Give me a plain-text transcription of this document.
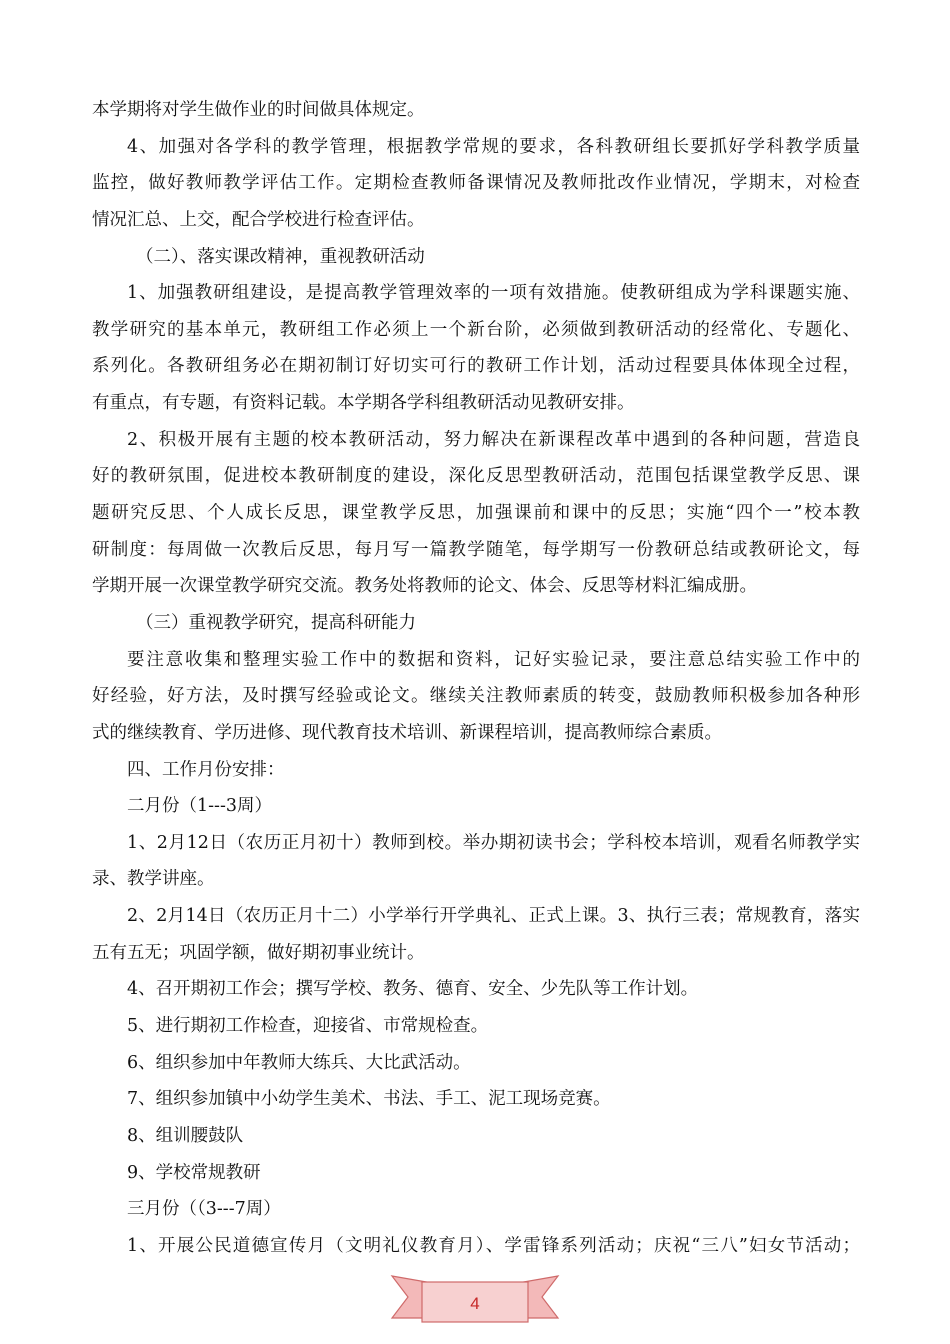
本学期将对学生做作业的时间做具体规定。
4、加强对各学科的教学管理，根据教学常规的要求，各科教研组长要抓好学科教学质量
监控，做好教师教学评估工作。定期检查教师备课情况及教师批改作业情况，学期末，对检查
情况汇总、上交，配合学校进行检查评估。
（二）、落实课改精神，重视教研活动
1、加强教研组建设，是提高教学管理效率的一项有效措施。使教研组成为学科课题实施、
教学研究的基本单元，教研组工作必须上一个新台阶，必须做到教研活动的经常化、专题化、
系列化。各教研组务必在期初制订好切实可行的教研工作计划，活动过程要具体体现全过程，
有重点，有专题，有资料记载。本学期各学科组教研活动见教研安排。
2、积极开展有主题的校本教研活动，努力解决在新课程改革中遇到的各种问题，营造良
好的教研氛围，促进校本教研制度的建设，深化反思型教研活动，范围包括课堂教学反思、课
题研究反思、个人成长反思，课堂教学反思，加强课前和课中的反思；实施“四个一”校本教
研制度：每周做一次教后反思，每月写一篇教学随笔，每学期写一份教研总结或教研论文，每
学期开展一次课堂教学研究交流。教务处将教师的论文、体会、反思等材料汇编成册。
（三）重视教学研究，提高科研能力
要注意收集和整理实验工作中的数据和资料，记好实验记录，要注意总结实验工作中的
好经验，好方法，及时撰写经验或论文。继续关注教师素质的转变，鼓励教师积极参加各种形
式的继续教育、学历进修、现代教育技术培训、新课程培训，提高教师综合素质。
四、工作月份安排：
二月份（1---3周）
1、2月12日（农历正月初十）教师到校。举办期初读书会；学科校本培训，观看名师教学实
录、教学讲座。
2、2月14日（农历正月十二）小学举行开学典礼、正式上课。3、执行三表；常规教育，落实
五有五无；巩固学额，做好期初事业统计。
4、召开期初工作会；撰写学校、教务、德育、安全、少先队等工作计划。
5、进行期初工作检查，迎接省、市常规检查。
6、组织参加中年教师大练兵、大比武活动。
7、组织参加镇中小幼学生美术、书法、手工、泥工现场竞赛。
8、组训腰鼓队
9、学校常规教研
三月份（（3---7周）
1、开展公民道德宣传月（文明礼仪教育月）、学雷锋系列活动；庆祝“三八”妇女节活动；
4
